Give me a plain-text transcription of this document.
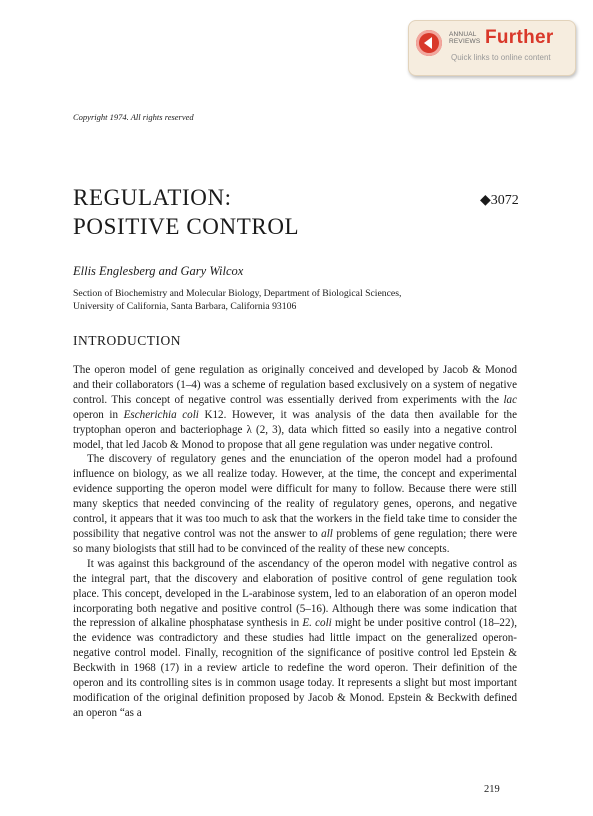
ANNUAL
REVIEWS Further
Quick links to online content
Copyright 1974. All rights reserved
REGULATION:
POSITIVE CONTROL
◆3072
Ellis Englesberg and Gary Wilcox
Section of Biochemistry and Molecular Biology, Department of Biological Sciences,
University of California, Santa Barbara, California 93106
INTRODUCTION

The operon model of gene regulation as originally conceived and developed by Jacob & Monod and their collaborators (1–4) was a scheme of regulation based exclusively on a system of negative control. This concept of negative control was essentially derived from experiments with the lac operon in Escherichia coli K12. However, it was analysis of the data then available for the tryptophan operon and bacteriophage λ (2, 3), data which fitted so easily into a negative control model, that led Jacob & Monod to propose that all gene regulation was under negative control.

The discovery of regulatory genes and the enunciation of the operon model had a profound influence on biology, as we all realize today. However, at the time, the concept and experimental evidence supporting the operon model were difficult for many to follow. Because there were still many skeptics that needed convincing of the reality of regulatory genes, operons, and negative control, it appears that it was too much to ask that the workers in the field take time to consider the possibility that negative control was not the answer to all problems of gene regulation; there were so many biologists that still had to be convinced of the reality of these new concepts.

It was against this background of the ascendancy of the operon model with negative control as the integral part, that the discovery and elaboration of positive control of gene regulation took place. This concept, developed in the L-arabinose system, led to an elaboration of an operon model incorporating both negative and positive control (5–16). Although there was some indication that the repression of alkaline phosphatase synthesis in E. coli might be under positive control (18–22), the evidence was contradictory and these studies had little impact on the generalized operon-negative control model. Finally, recognition of the significance of positive control led Epstein & Beckwith in 1968 (17) in a review article to redefine the word operon. Their definition of the operon and its controlling sites is in common usage today. It represents a slight but most important modification of the original definition proposed by Jacob & Monod. Epstein & Beckwith defined an operon “as a

219
